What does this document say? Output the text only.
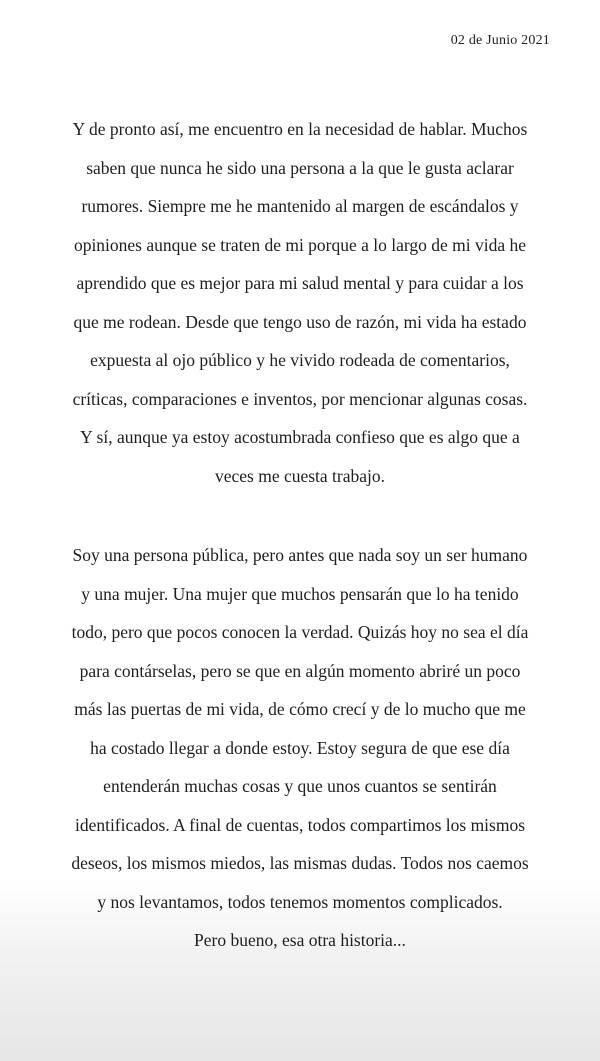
02 de Junio 2021
Y de pronto así, me encuentro en la necesidad de hablar. Muchos
saben que nunca he sido una persona a la que le gusta aclarar
rumores. Siempre me he mantenido al margen de escándalos y
opiniones aunque se traten de mi porque a lo largo de mi vida he
aprendido que es mejor para mi salud mental y para cuidar a los
que me rodean. Desde que tengo uso de razón, mi vida ha estado
expuesta al ojo público y he vivido rodeada de comentarios,
críticas, comparaciones e inventos, por mencionar algunas cosas.
Y sí, aunque ya estoy acostumbrada confieso que es algo que a
veces me cuesta trabajo.
Soy una persona pública, pero antes que nada soy un ser humano
y una mujer. Una mujer que muchos pensarán que lo ha tenido
todo, pero que pocos conocen la verdad. Quizás hoy no sea el día
para contárselas, pero se que en algún momento abriré un poco
más las puertas de mi vida, de cómo crecí y de lo mucho que me
ha costado llegar a donde estoy. Estoy segura de que ese día
entenderán muchas cosas y que unos cuantos se sentirán
identificados. A final de cuentas, todos compartimos los mismos
deseos, los mismos miedos, las mismas dudas. Todos nos caemos
y nos levantamos, todos tenemos momentos complicados.
Pero bueno, esa otra historia...
